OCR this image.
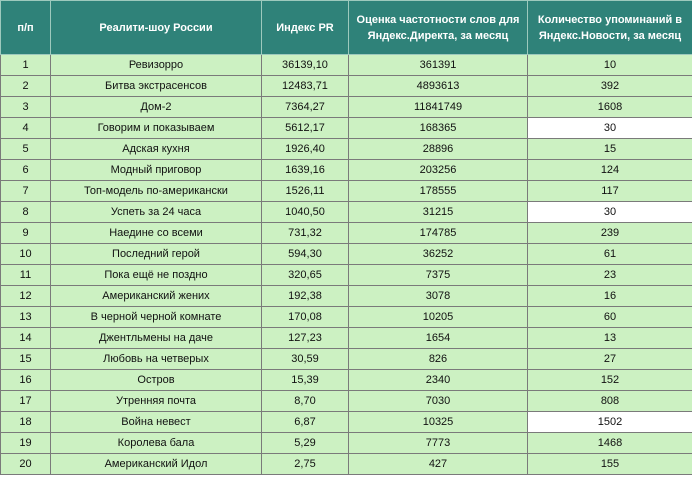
п/п	Реалити-шоу России	Индекс PR	Оценка частотности слов для Яндекс.Директа, за месяц	Количество упоминаний в Яндекс.Новости, за месяц
1	Ревизорро	36139,10	361391	10
2	Битва экстрасенсов	12483,71	4893613	392
3	Дом-2	7364,27	11841749	1608
4	Говорим и показываем	5612,17	168365	30
5	Адская кухня	1926,40	28896	15
6	Модный приговор	1639,16	203256	124
7	Топ-модель по-американски	1526,11	178555	117
8	Успеть за 24 часа	1040,50	31215	30
9	Наедине со всеми	731,32	174785	239
10	Последний герой	594,30	36252	61
11	Пока ещё не поздно	320,65	7375	23
12	Американский жених	192,38	3078	16
13	В черной черной комнате	170,08	10205	60
14	Джентльмены на даче	127,23	1654	13
15	Любовь на четверых	30,59	826	27
16	Остров	15,39	2340	152
17	Утренняя почта	8,70	7030	808
18	Война невест	6,87	10325	1502
19	Королева бала	5,29	7773	1468
20	Американский Идол	2,75	427	155
